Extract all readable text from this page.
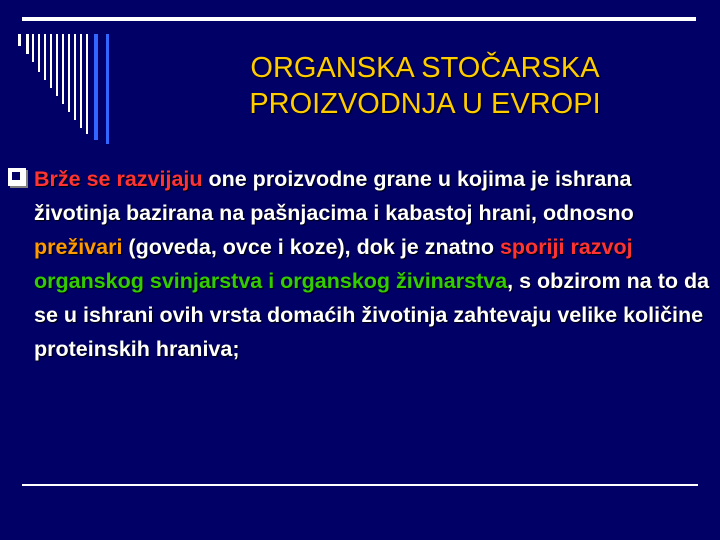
ORGANSKA STOČARSKA
PROIZVODNJA U EVROPI
Brže se razvijaju one proizvodne grane u kojima je ishrana životinja bazirana na pašnjacima i kabastoj hrani, odnosno preživari (goveda, ovce i koze), dok je znatno sporiji razvoj organskog svinjarstva i organskog živinarstva, s obzirom na to da se u ishrani ovih vrsta domaćih životinja zahtevaju velike količine proteinskih hraniva;
